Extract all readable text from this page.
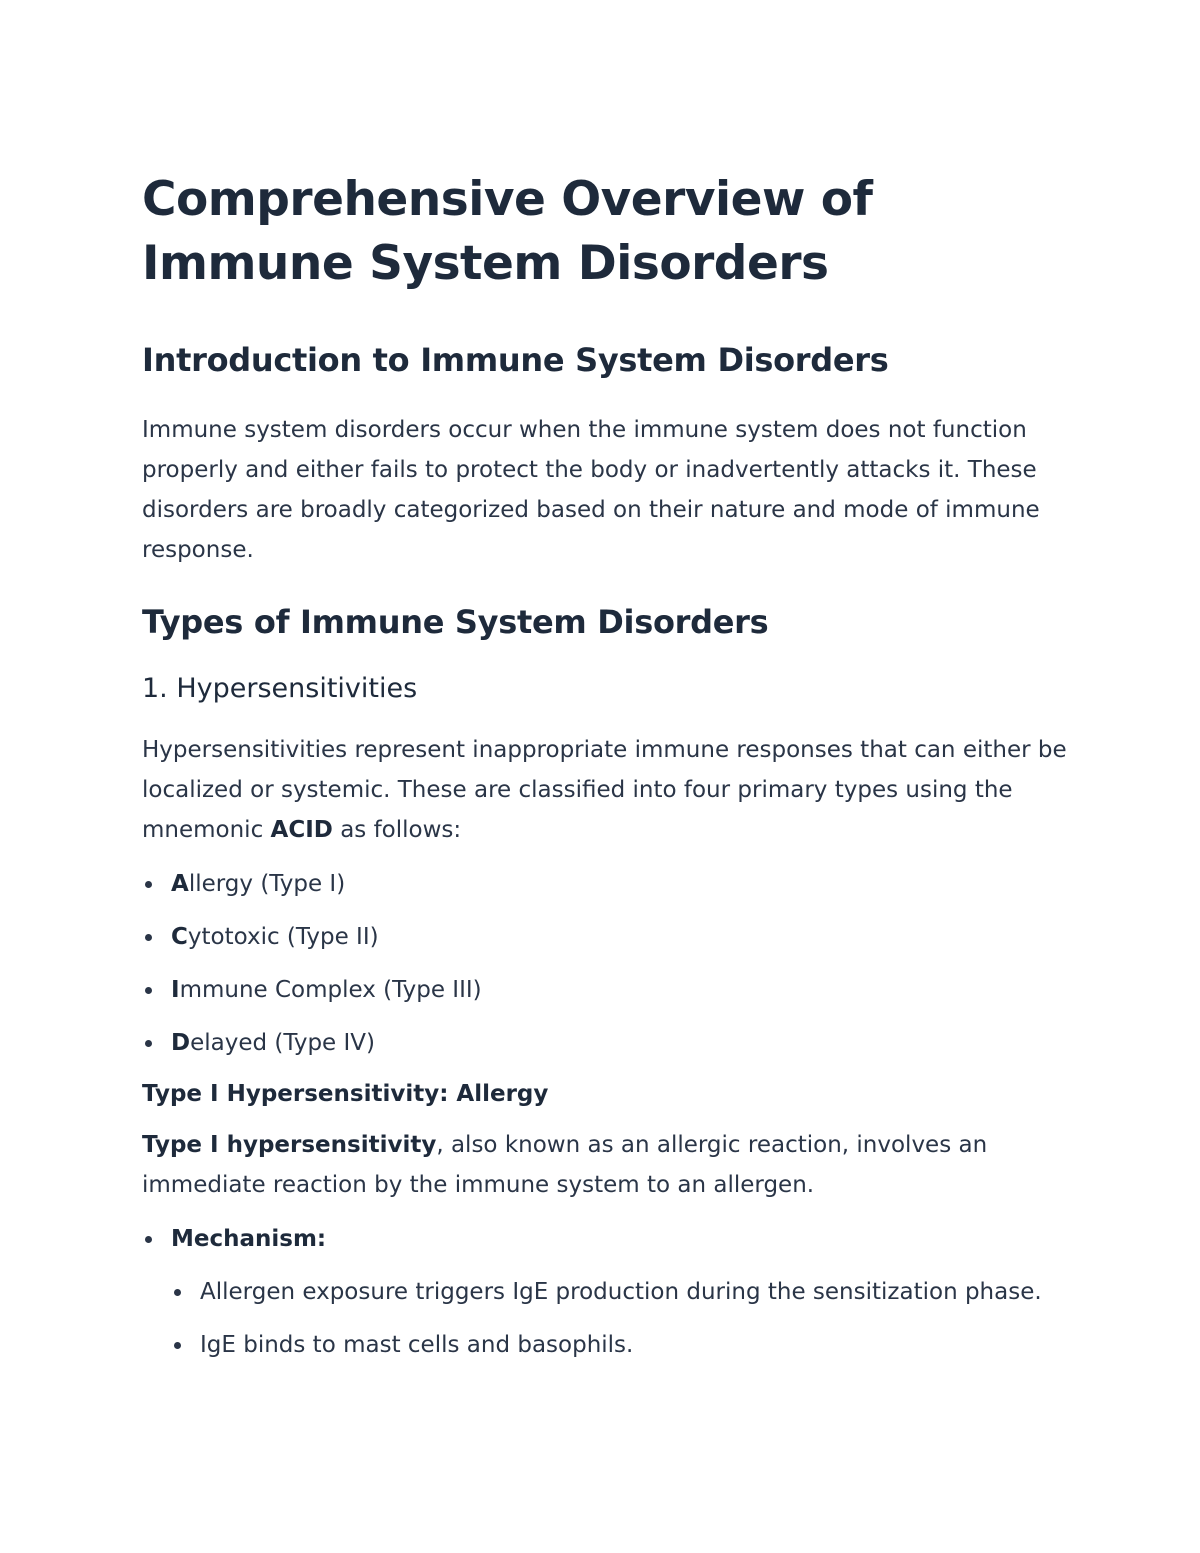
Comprehensive Overview of Immune System Disorders
Introduction to Immune System Disorders

Immune system disorders occur when the immune system does not function properly and either fails to protect the body or inadvertently attacks it. These disorders are broadly categorized based on their nature and mode of immune response.

Types of Immune System Disorders
1. Hypersensitivities

Hypersensitivities represent inappropriate immune responses that can either be localized or systemic. These are classified into four primary types using the mnemonic ACID as follows:

Allergy (Type I)
Cytotoxic (Type II)
Immune Complex (Type III)
Delayed (Type IV)
Type I Hypersensitivity: Allergy

Type I hypersensitivity, also known as an allergic reaction, involves an immediate reaction by the immune system to an allergen.

Mechanism:
Allergen exposure triggers IgE production during the sensitization phase.
IgE binds to mast cells and basophils.
